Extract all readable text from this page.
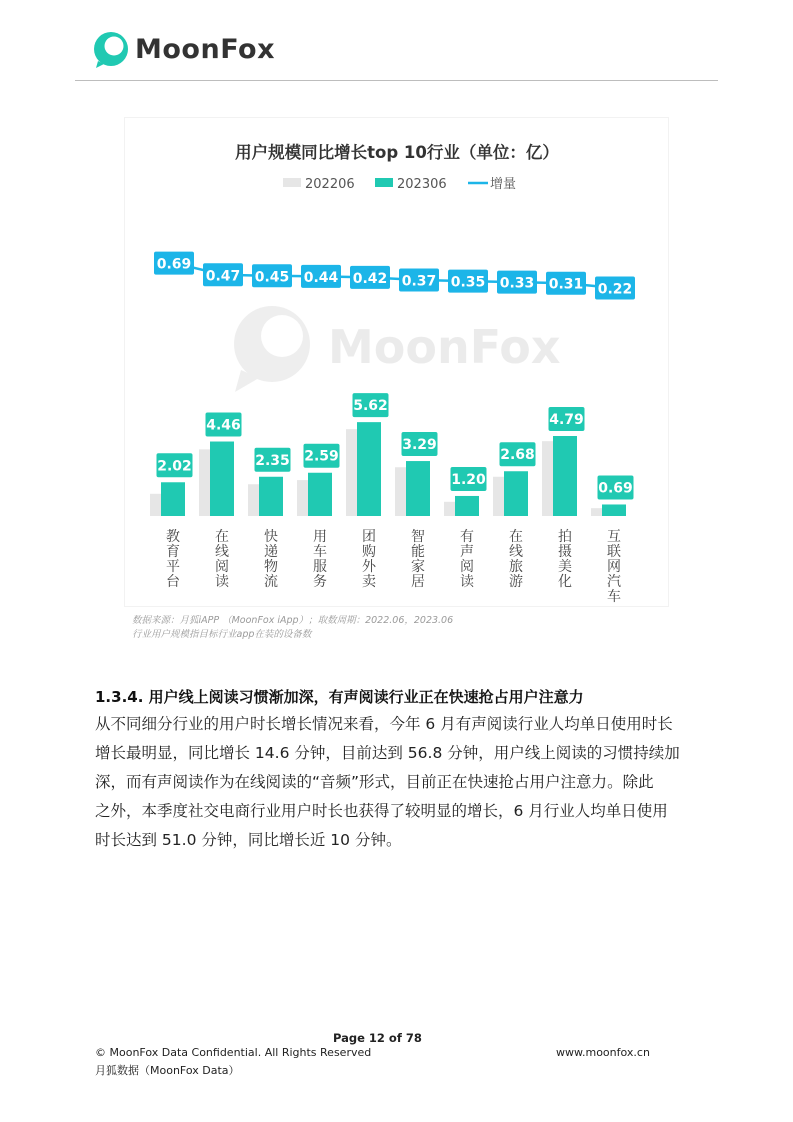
MoonFox
用户规模同比增长top 10行业（单位：亿）
202206	202306	增量
MoonFox
0.69
0.47 0.45 0.44 0.42 0.37 0.35 0.33 0.31 0.22
2.02
4.46
2.35 2.59
5.62
3.29
1.20
2.68
4.79
0.69
教育平台
在线阅读
快递物流
用车服务
团购外卖
智能家居
有声阅读
在线旅游
拍摄美化
互联网汽车
数据来源：月狐iAPP （MoonFox iApp）；取数周期：2022.06，2023.06
行业用户规模指目标行业app在装的设备数
1.3.4. 用户线上阅读习惯渐加深，有声阅读行业正在快速抢占用户注意力
从不同细分行业的用户时长增长情况来看，今年 6 月有声阅读行业人均单日使用时长
增长最明显，同比增长 14.6 分钟，目前达到 56.8 分钟，用户线上阅读的习惯持续加
深，而有声阅读作为在线阅读的“音频”形式，目前正在快速抢占用户注意力。除此
之外，本季度社交电商行业用户时长也获得了较明显的增长，6 月行业人均单日使用
时长达到 51.0 分钟，同比增长近 10 分钟。
Page 12 of 78
© MoonFox Data Confidential. All Rights Reserved	www.moonfox.cn
月狐数据（MoonFox Data）
